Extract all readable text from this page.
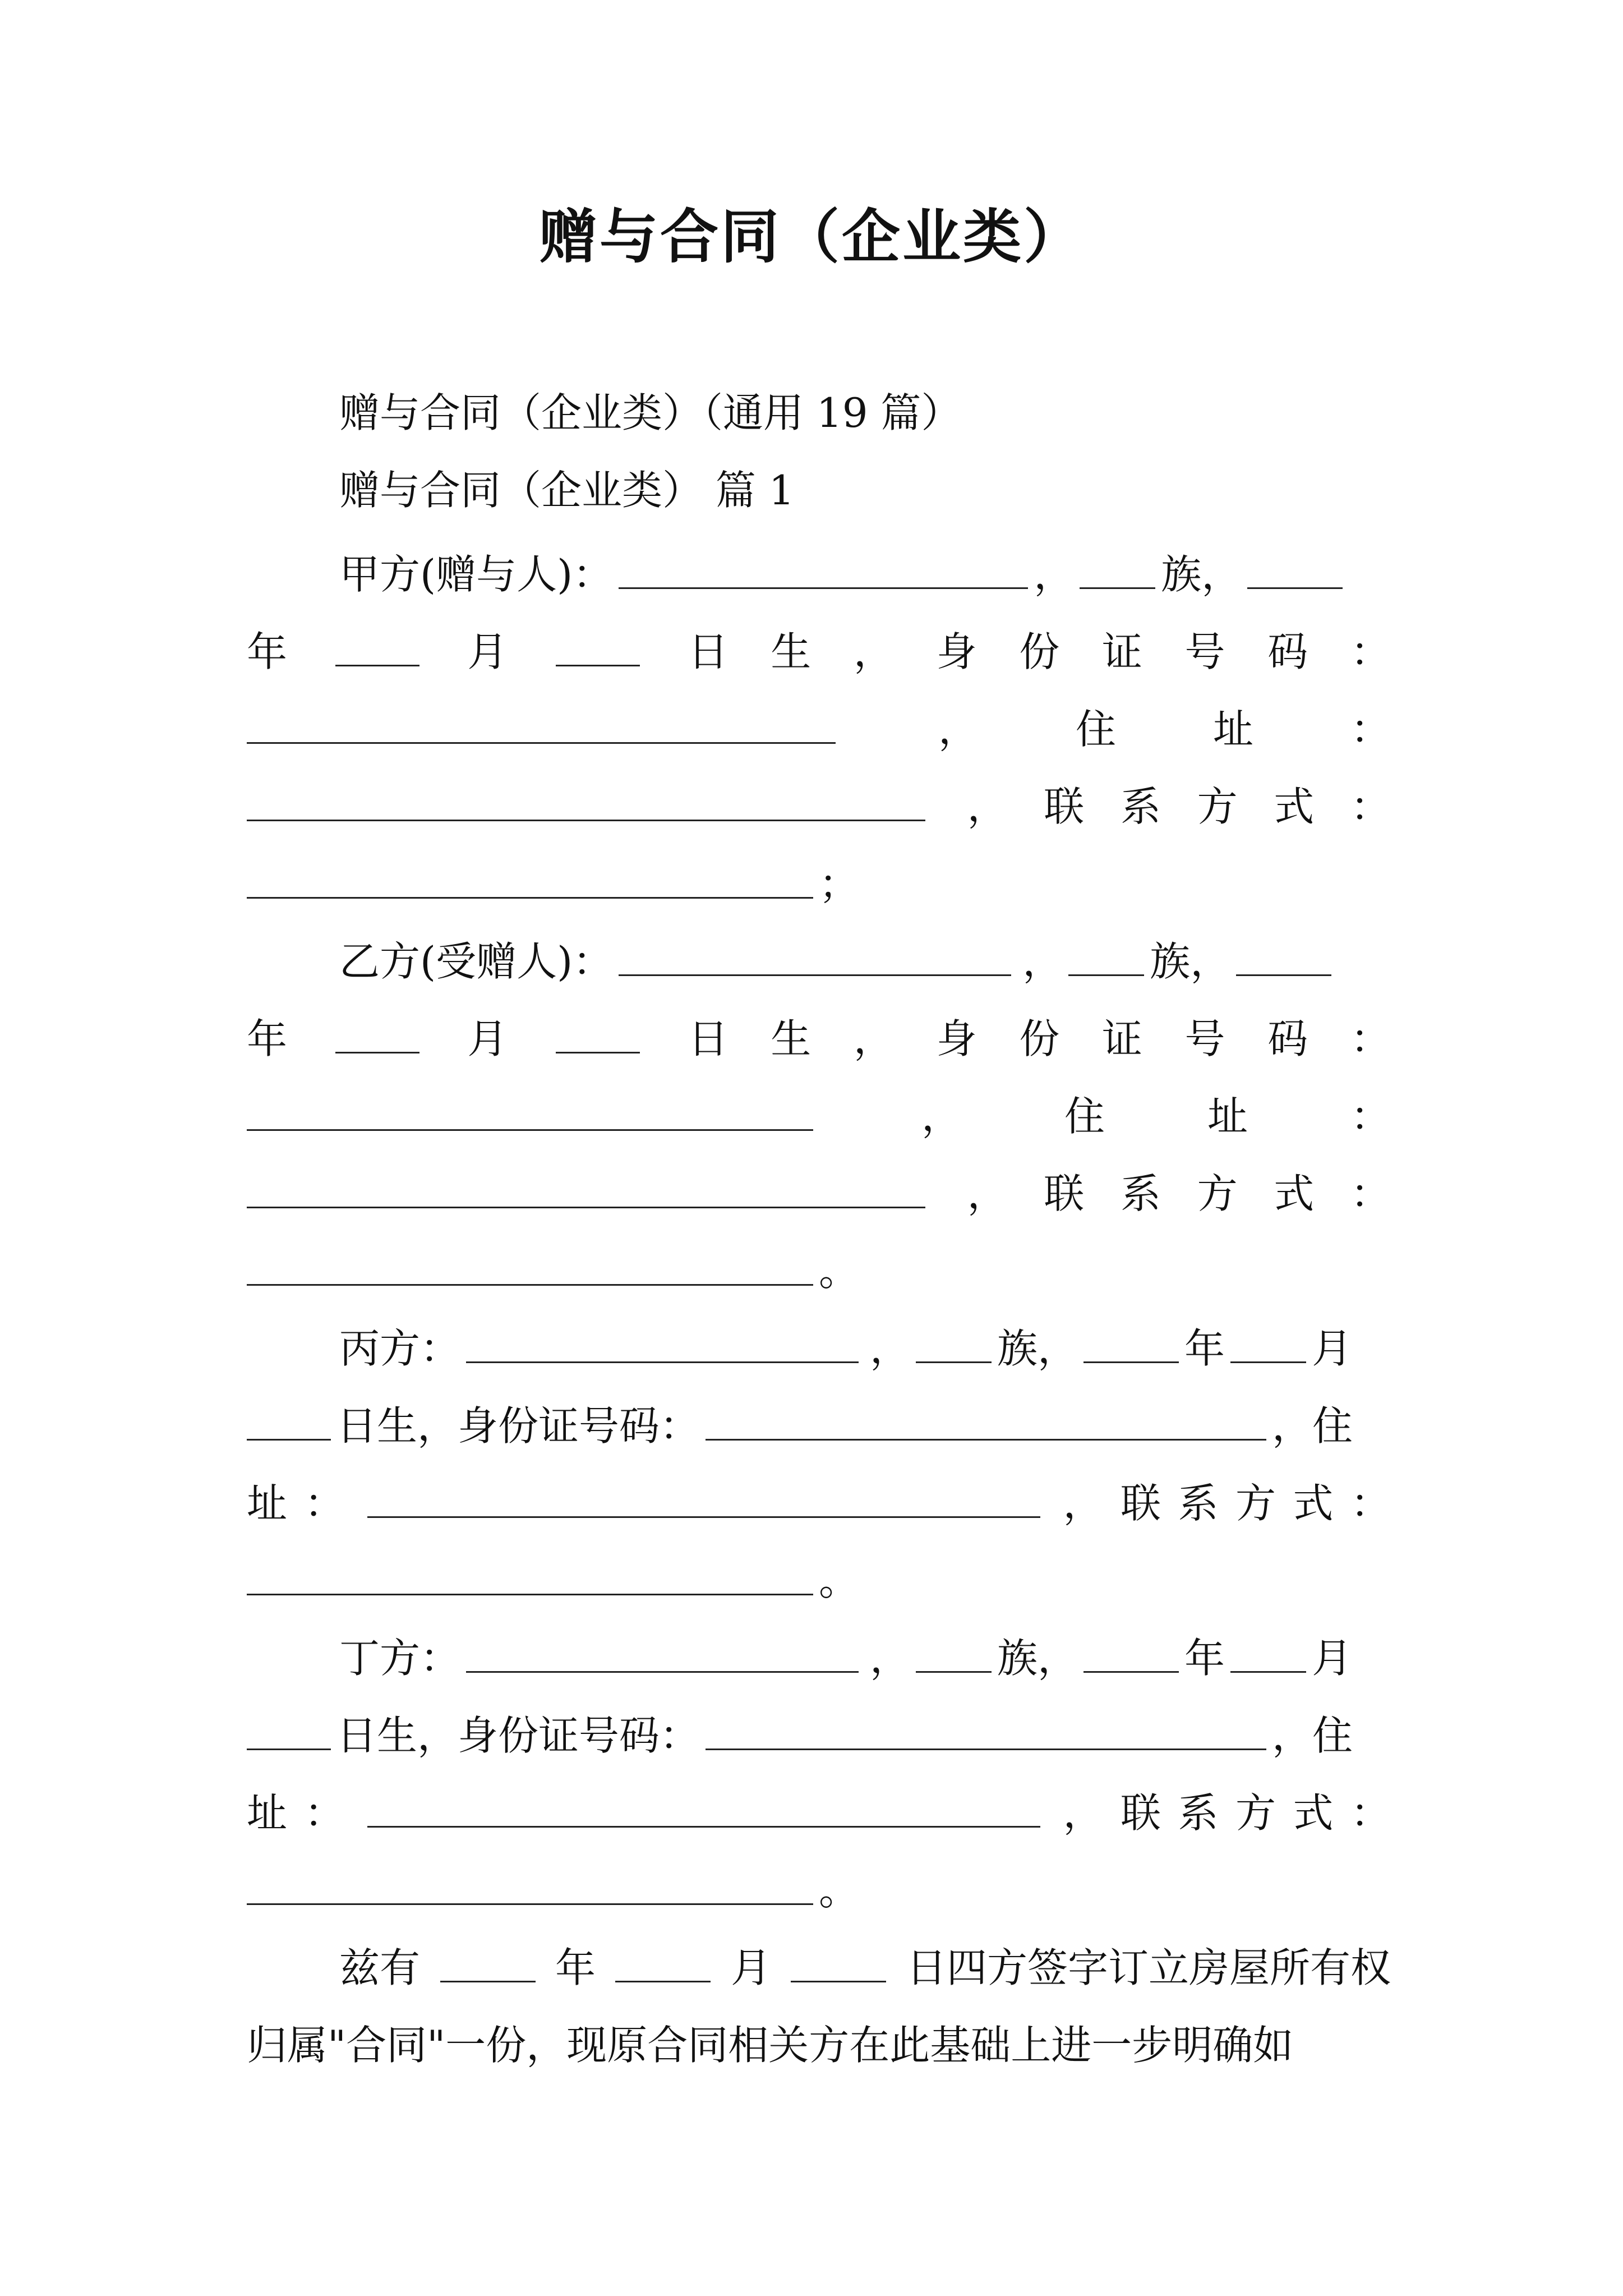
赠与合同（企业类）
赠与合同（企业类）（通用 19 篇）
赠与合同（企业类） 篇 1
甲方(赠与人)：	， 族，
年	月	日 生 ， 身 份 证 号 码 ：
， 住 址 ：
， 联 系 方 式 ：
；
乙方(受赠人)：	， 族，
年	月	日 生 ， 身 份 证 号 码 ：
，	住	址	：
， 联 系 方 式 ：
。
丙方：	， 族，	年 月
日生，身份证号码：	，住
址 ：	， 联 系 方 式 ：
。
丁方：	， 族，	年 月
日生，身份证号码：	，住
址 ：	， 联 系 方 式 ：
。
兹有	年	月	日四方签字订立房屋所有权
归属"合同"一份，现原合同相关方在此基础上进一步明确如
